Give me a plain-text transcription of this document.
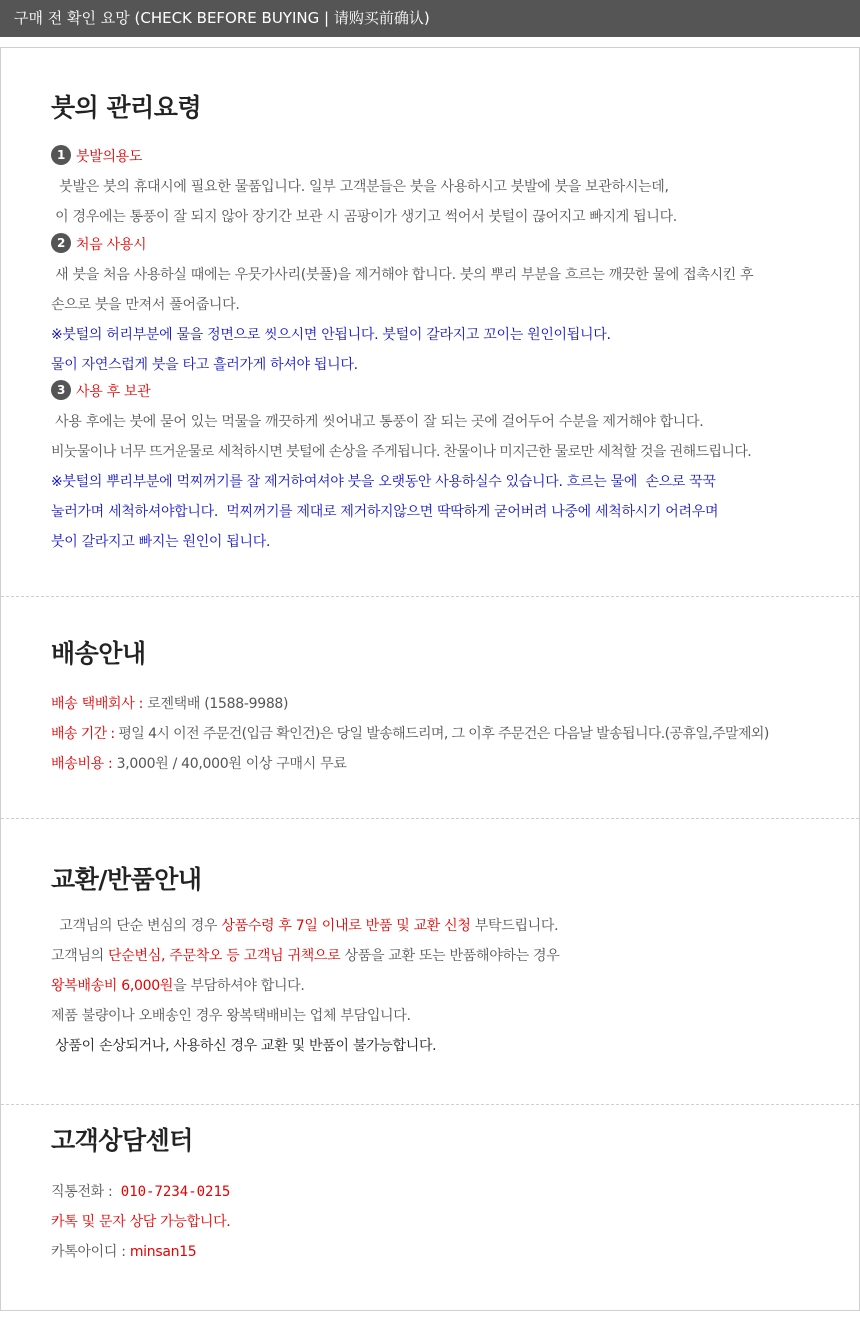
구매 전 확인 요망 (CHECK BEFORE BUYING | 请购买前确认)
붓의 관리요령
1 붓발의용도
붓발은 붓의 휴대시에 필요한 물품입니다. 일부 고객분들은 붓을 사용하시고 붓발에 붓을 보관하시는데,
이 경우에는 통풍이 잘 되지 않아 장기간 보관 시 곰팡이가 생기고 썩어서 붓털이 끊어지고 빠지게 됩니다.
2 처음 사용시
새 붓을 처음 사용하실 때에는 우뭇가사리(붓풀)을 제거해야 합니다. 붓의 뿌리 부분을 흐르는 깨끗한 물에 접촉시킨 후
손으로 붓을 만져서 풀어줍니다.
※붓털의 허리부분에 물을 정면으로 씻으시면 안됩니다. 붓털이 갈라지고 꼬이는 원인이됩니다.
물이 자연스럽게 붓을 타고 흘러가게 하셔야 됩니다.
3 사용 후 보관
사용 후에는 붓에 묻어 있는 먹물을 깨끗하게 씻어내고 통풍이 잘 되는 곳에 걸어두어 수분을 제거해야 합니다.
비눗물이나 너무 뜨거운물로 세척하시면 붓털에 손상을 주게됩니다. 찬물이나 미지근한 물로만 세척할 것을 권해드립니다.
※붓털의 뿌리부분에 먹찌꺼기를 잘 제거하여셔야 붓을 오랫동안 사용하실수 있습니다. 흐르는 물에  손으로 꾹꾹
눌러가며 세척하셔야합니다.  먹찌꺼기를 제대로 제거하지않으면 딱딱하게 굳어버려 나중에 세척하시기 어려우며
붓이 갈라지고 빠지는 원인이 됩니다.
배송안내
배송 택배회사 : 로젠택배 (1588-9988)
배송 기간 : 평일 4시 이전 주문건(입금 확인건)은 당일 발송해드리며, 그 이후 주문건은 다음날 발송됩니다.(공휴일,주말제외)
배송비용 : 3,000원 / 40,000원 이상 구매시 무료
교환/반품안내
고객님의 단순 변심의 경우 상품수령 후 7일 이내로 반품 및 교환 신청 부탁드립니다.
고객님의 단순변심, 주문착오 등 고객님 귀책으로 상품을 교환 또는 반품해야하는 경우
왕복배송비 6,000원을 부담하셔야 합니다.
제품 불량이나 오배송인 경우 왕복택배비는 업체 부담입니다.
상품이 손상되거나, 사용하신 경우 교환 및 반품이 불가능합니다.
고객상담센터
직통전화 :  010-7234-0215
카톡 및 문자 상담 가능합니다.
카톡아이디 : minsan15
